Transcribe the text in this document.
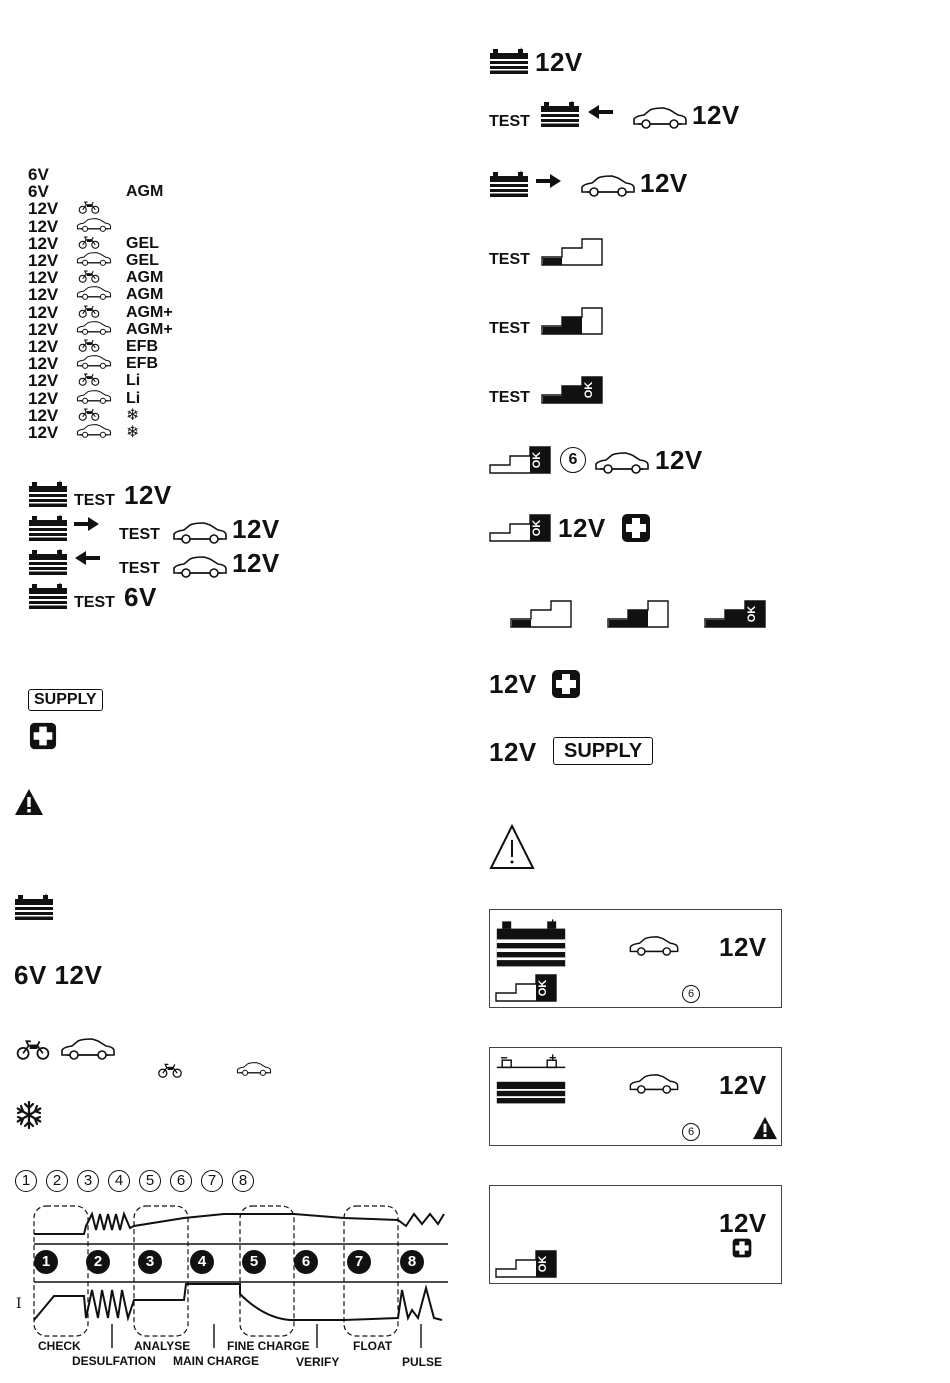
6V
6V	AGM
12V
12V
12V	GEL
12V	GEL
12V	AGM
12V	AGM
12V	AGM+
12V	AGM+
12V	EFB
12V	EFB
12V	Li
12V	Li
12V	❄
12V	❄
TEST 12V
TEST	12V
TEST	12V
TEST 6V
SUPPLY
6V 12V
1	2	3	4	5	6	7	8
1	2	3	4	5	6	7	8
I
CHECK
DESULFATION
ANALYSE
MAIN CHARGE
FINE CHARGE
VERIFY
FLOAT
PULSE
12V
TEST	12V
12V
TEST
TEST
TEST
6	12V
12V
12V
12V	SUPPLY
12V
6
−	+
12V
6
12V
